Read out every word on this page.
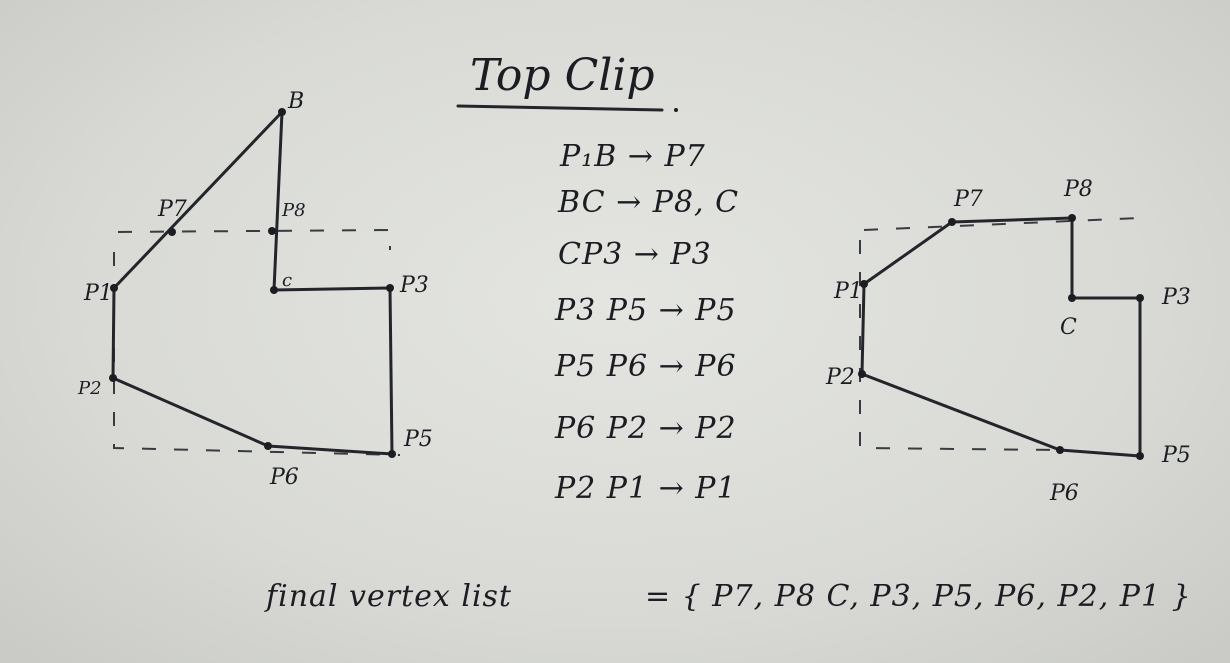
Top Clip
P₁B → P7
BC → P8, C
CP3 → P3
P3 P5 → P5
P5 P6 → P6
P6 P2 → P2
P2 P1 → P1
B
P7	P8
c
P1	P3
P2
P5
P6
P7	P8
C
P1	P3
P2
P5
P6
final vertex list	= { P7, P8 C, P3, P5, P6, P2, P1 }
